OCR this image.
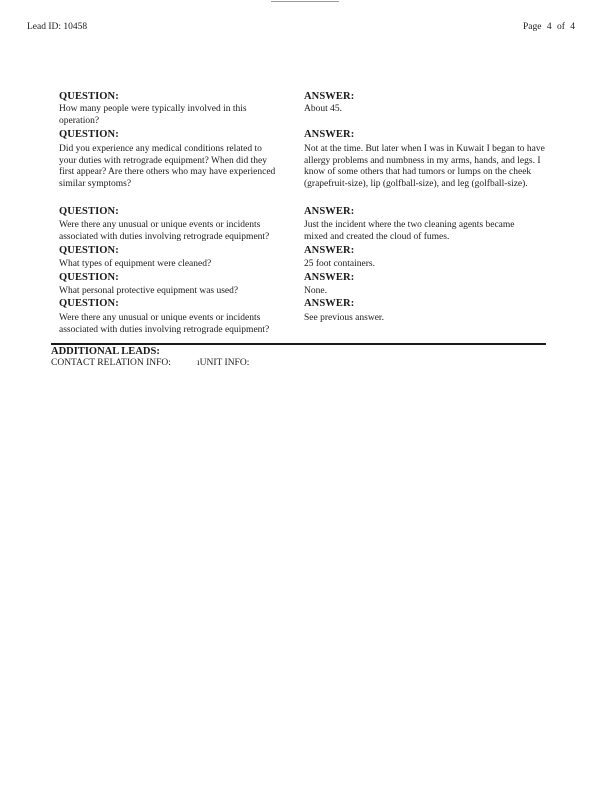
Lead ID: 10458	Page 4 of 4
QUESTION:
How many people were typically involved in this operation?
ANSWER:
About 45.
QUESTION:
Did you experience any medical conditions related to your duties with retrograde equipment? When did they first appear? Are there others who may have experienced similar symptoms?
ANSWER:
Not at the time. But later when I was in Kuwait I began to have allergy problems and numbness in my arms, hands, and legs. I know of some others that had tumors or lumps on the cheek (grapefruit-size), lip (golfball-size), and leg (golfball-size).
QUESTION:
Were there any unusual or unique events or incidents associated with duties involving retrograde equipment?
ANSWER:
Just the incident where the two cleaning agents became mixed and created the cloud of fumes.
QUESTION:
What types of equipment were cleaned?
ANSWER:
25 foot containers.
QUESTION:
What personal protective equipment was used?
ANSWER:
None.
QUESTION:
Were there any unusual or unique events or incidents associated with duties involving retrograde equipment?
ANSWER:
See previous answer.
ADDITIONAL LEADS:
CONTACT RELATION INFO:	ıUNIT INFO:
